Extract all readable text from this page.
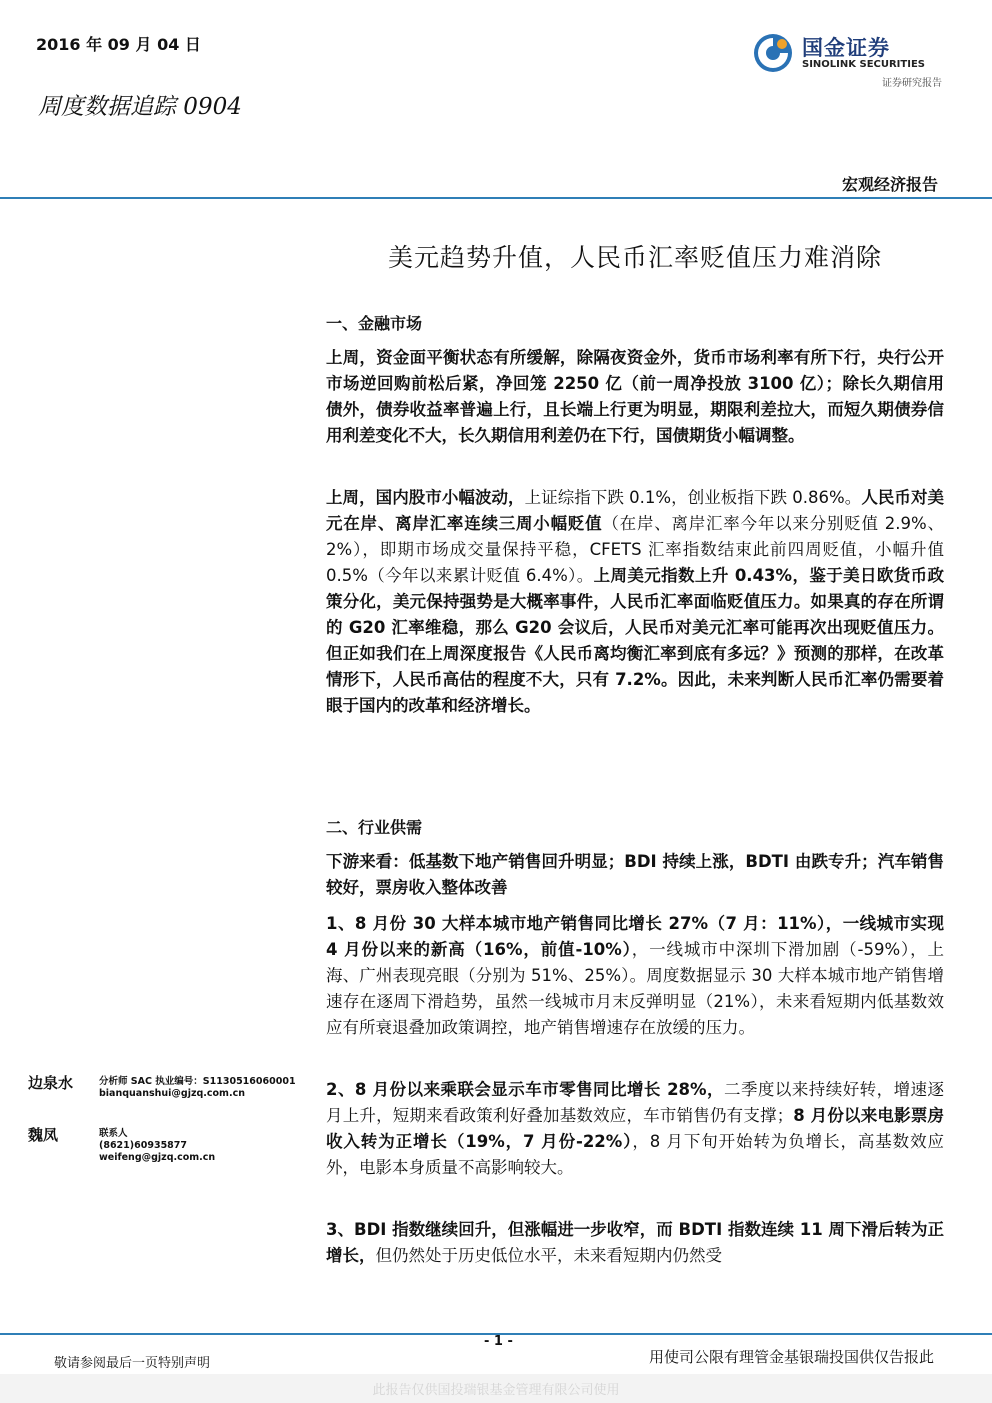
2016 年 09 月 04 日
周度数据追踪 0904
国金证券
SINOLINK SECURITIES
证券研究报告
宏观经济报告
美元趋势升值，人民币汇率贬值压力难消除
一、金融市场

上周，资金面平衡状态有所缓解，除隔夜资金外，货币市场利率有所下行，央行公开市场逆回购前松后紧，净回笼 2250 亿（前一周净投放 3100 亿）；除长久期信用债外，债券收益率普遍上行，且长端上行更为明显，期限利差拉大，而短久期债券信用利差变化不大，长久期信用利差仍在下行，国债期货小幅调整。

上周，国内股市小幅波动，上证综指下跌 0.1%，创业板指下跌 0.86%。人民币对美元在岸、离岸汇率连续三周小幅贬值（在岸、离岸汇率今年以来分别贬值 2.9%、2%），即期市场成交量保持平稳，CFETS 汇率指数结束此前四周贬值，小幅升值 0.5%（今年以来累计贬值 6.4%）。上周美元指数上升 0.43%，鉴于美日欧货币政策分化，美元保持强势是大概率事件，人民币汇率面临贬值压力。如果真的存在所谓的 G20 汇率维稳，那么 G20 会议后，人民币对美元汇率可能再次出现贬值压力。但正如我们在上周深度报告《人民币离均衡汇率到底有多远？》预测的那样，在改革情形下，人民币高估的程度不大，只有 7.2%。因此，未来判断人民币汇率仍需要着眼于国内的改革和经济增长。

二、行业供需

下游来看：低基数下地产销售回升明显；BDI 持续上涨，BDTI 由跌专升；汽车销售较好，票房收入整体改善

1、8 月份 30 大样本城市地产销售同比增长 27%（7 月：11%），一线城市实现 4 月份以来的新高（16%，前值-10%），一线城市中深圳下滑加剧（-59%），上海、广州表现亮眼（分别为 51%、25%）。周度数据显示 30 大样本城市地产销售增速存在逐周下滑趋势，虽然一线城市月末反弹明显（21%），未来看短期内低基数效应有所衰退叠加政策调控，地产销售增速存在放缓的压力。

2、8 月份以来乘联会显示车市零售同比增长 28%，二季度以来持续好转，增速逐月上升，短期来看政策利好叠加基数效应，车市销售仍有支撑；8 月份以来电影票房收入转为正增长（19%，7 月份-22%），8 月下旬开始转为负增长，高基数效应外，电影本身质量不高影响较大。

3、BDI 指数继续回升，但涨幅进一步收窄，而 BDTI 指数连续 11 周下滑后转为正增长，但仍然处于历史低位水平，未来看短期内仍然受

边泉水	分析师 SAC 执业编号：S1130516060001
bianquanshui@gjzq.com.cn
魏凤	联系人
(8621)60935877
weifeng@gjzq.com.cn
- 1 -
敬请参阅最后一页特别声明	用使司公限有理管金基银瑞投国供仅告报此
此报告仅供国投瑞银基金管理有限公司使用
